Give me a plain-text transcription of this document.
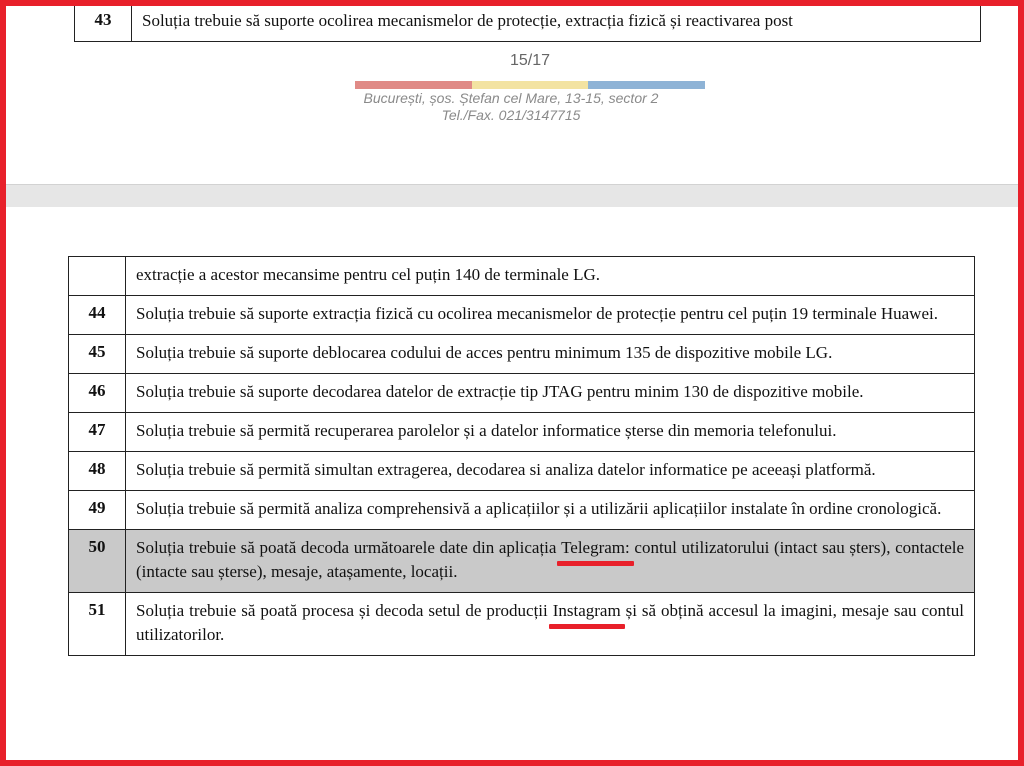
43	Soluția trebuie să suporte ocolirea mecanismelor de protecție, extracția fizică și reactivarea post
15/17
București, șos. Ștefan cel Mare, 13-15, sector 2
Tel./Fax. 021/3147715
	extracție a acestor mecansime pentru cel puțin 140 de terminale LG.
44	Soluția trebuie să suporte extracția fizică cu ocolirea mecanismelor de protecție pentru cel puțin 19 terminale Huawei.
45	Soluția trebuie să suporte deblocarea codului de acces pentru minimum 135 de dispozitive mobile LG.
46	Soluția trebuie să suporte decodarea datelor de extracție tip JTAG pentru minim 130 de dispozitive mobile.
47	Soluția trebuie să permită recuperarea parolelor și a datelor informatice șterse din memoria telefonului.
48	Soluția trebuie să permită simultan extragerea, decodarea si analiza datelor informatice pe aceeași platformă.
49	Soluția trebuie să permită analiza comprehensivă a aplicațiilor și a utilizării aplicațiilor instalate în ordine cronologică.
50	Soluția trebuie să poată decoda următoarele date din aplicația Telegram:
contul utilizatorului (intact sau șters), contactele (intacte sau șterse), mesaje, atașamente, locații.
51	Soluția trebuie să poată procesa și decoda setul de producții Instagram
și să obțină accesul la imagini, mesaje sau contul utilizatorilor.
